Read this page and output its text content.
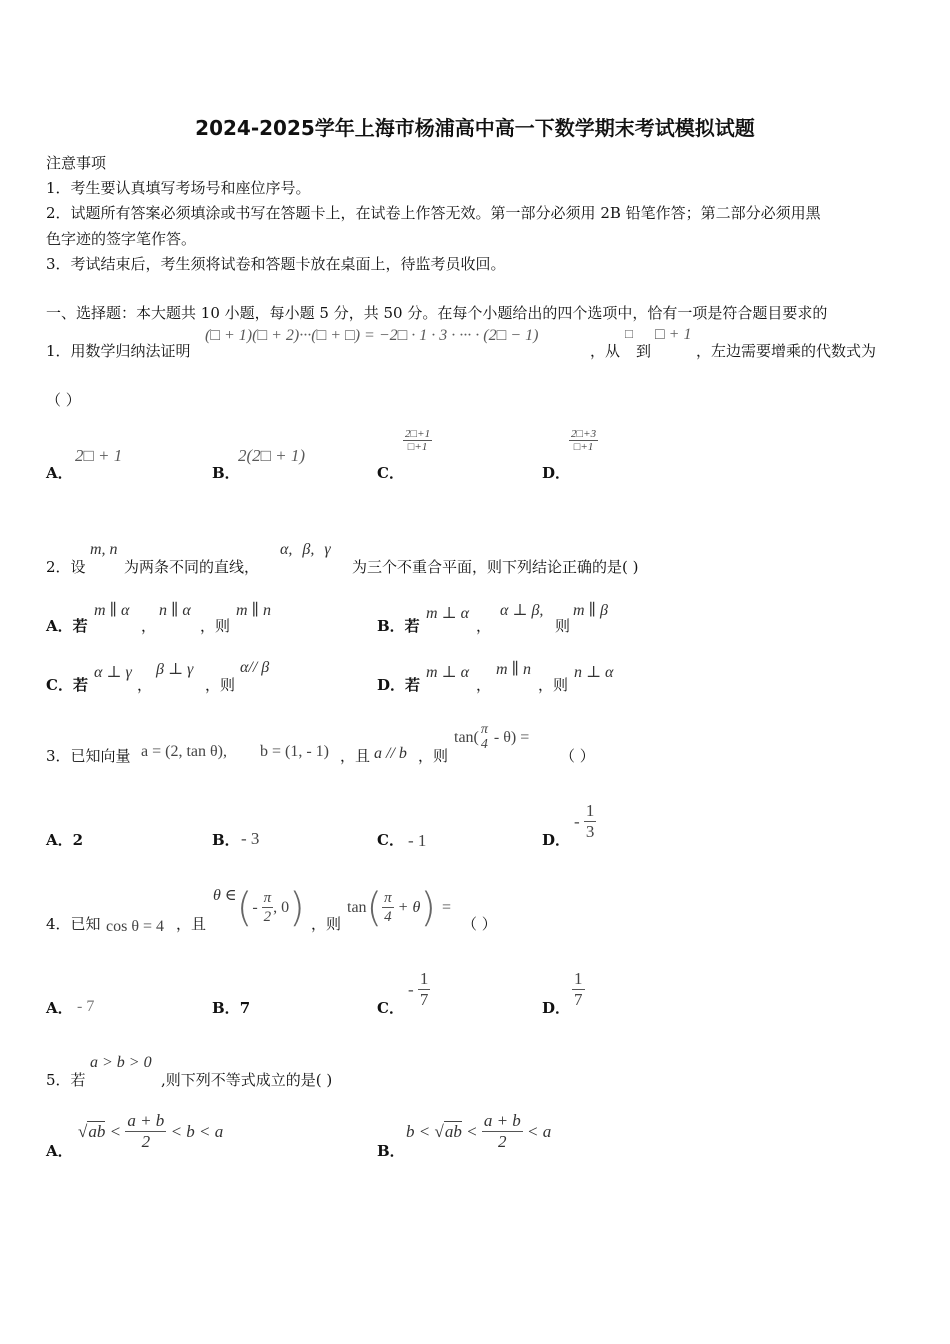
2024-2025学年上海市杨浦高中高一下数学期末考试模拟试题
注意事项
1．考生要认真填写考场号和座位序号。
2．试题所有答案必须填涂或书写在答题卡上，在试卷上作答无效。第一部分必须用 2B 铅笔作答；第二部分必须用黑
色字迹的签字笔作答。
3．考试结束后，考生须将试卷和答题卡放在桌面上，待监考员收回。
一、选择题：本大题共 10 小题，每小题 5 分，共 50 分。在每个小题给出的四个选项中，恰有一项是符合题目要求的
1．用数学归纳法证明
(□ + 1)(□ + 2)···(□ + □) = −2□ · 1 · 3 · ··· · (2□ − 1)
，从
□
到
□ + 1
，左边需要增乘的代数式为
（ ）
A．
2□ + 1
B．
2(2□ + 1)
C．
$\frac{2□+1}{□+1}$
D．
$\frac{2□+3}{□+1}$
2．设
m, n
为两条不同的直线，
α, β, γ
为三个不重合平面，则下列结论正确的是( )
A．若
m ∥ α
，
n ∥ α
，则
m ∥ n
B．若
m ⊥ α
，
α ⊥ β,
则
m ∥ β
C．若
α ⊥ γ
，
β ⊥ γ
，则
α// β
D．若
m ⊥ α
，
m ∥ n
，则
n ⊥ α
3．已知向量 a = (2, tan θ), b = (1, - 1) ，且 a // b ，则
tan( π
4 - θ) =
（ ）
A．2	B． - 3	C． - 1	D．
- $\frac{1}{3}$
4．已知 cos θ = 4 ，且
θ ∈(- $\frac{\pi}{2}$ , 0) ，则
$\tan( \frac{\pi}{4} + \theta)$ =
（ ）
A． - 7	B．7	C．
- $\frac{1}{7}$	D． $\frac{1}{7}$
5．若
a > b > 0
,则下列不等式成立的是( )
A．
$√ab < \frac{a + b}{2} < b < a$
B．
$b < √ab < \frac{a + b}{2} < a$
